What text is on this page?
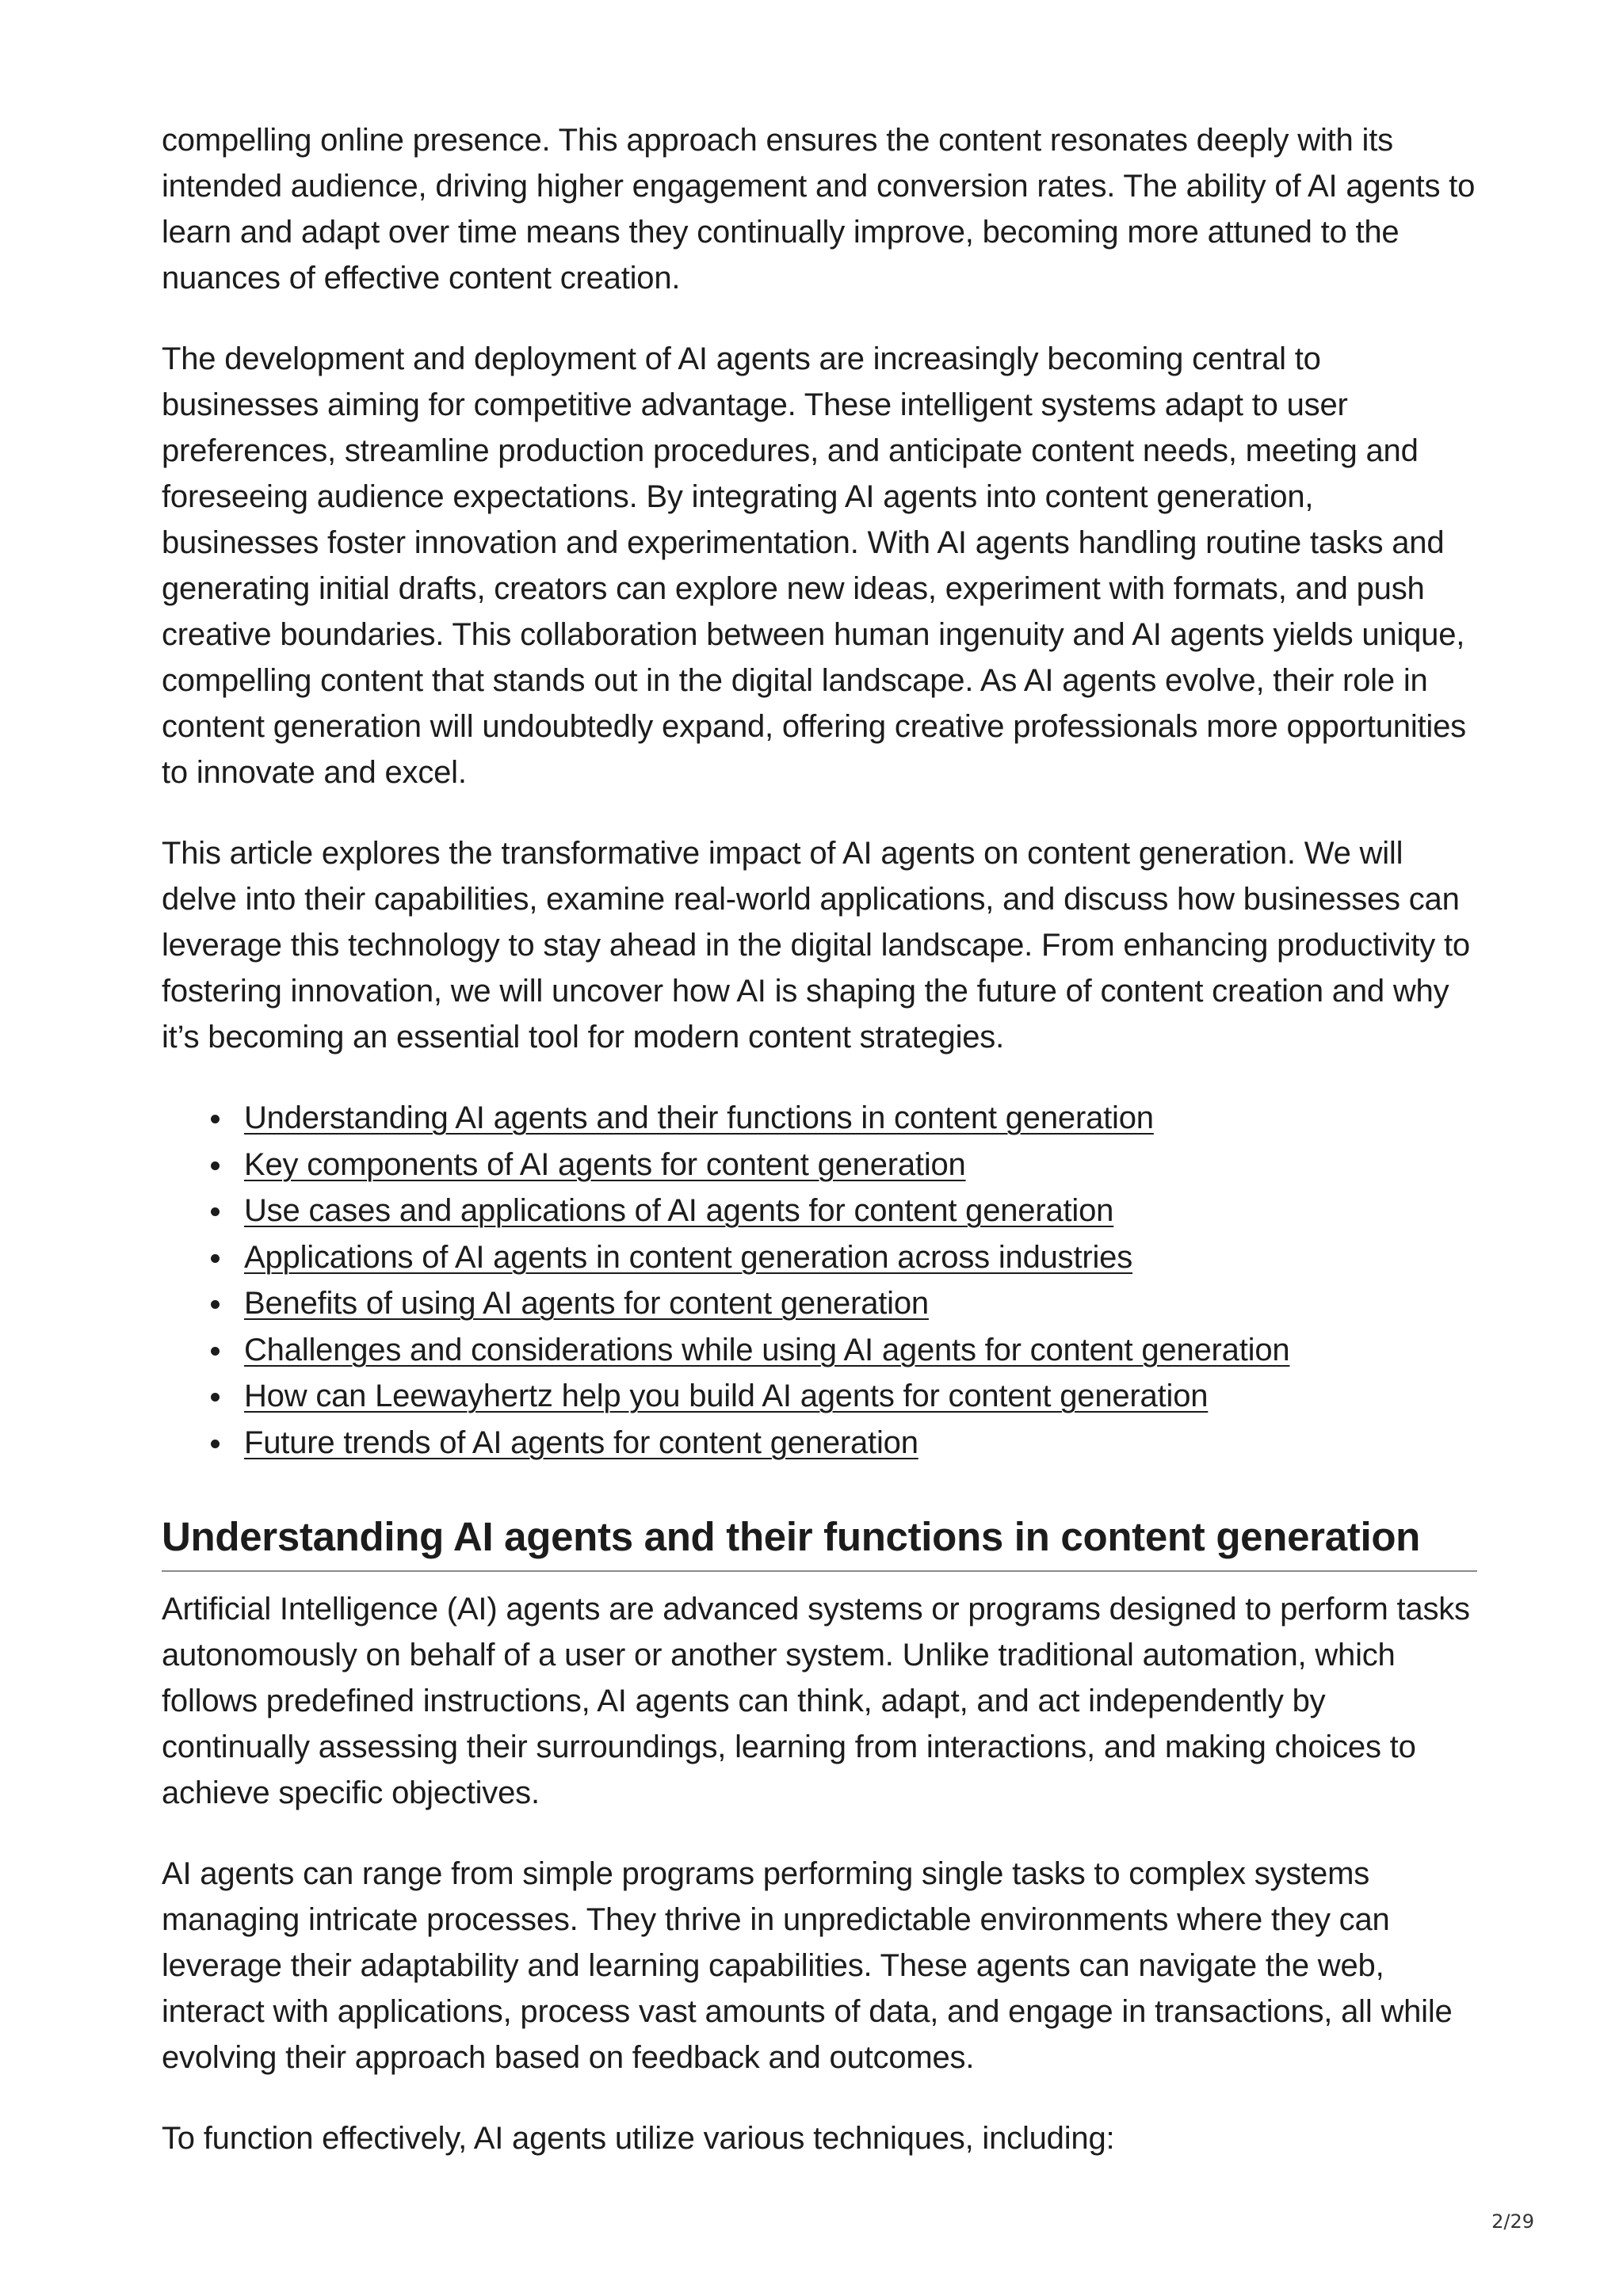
compelling online presence. This approach ensures the content resonates deeply with its intended audience, driving higher engagement and conversion rates. The ability of AI agents to learn and adapt over time means they continually improve, becoming more attuned to the nuances of effective content creation.

The development and deployment of AI agents are increasingly becoming central to businesses aiming for competitive advantage. These intelligent systems adapt to user preferences, streamline production procedures, and anticipate content needs, meeting and foreseeing audience expectations. By integrating AI agents into content generation, businesses foster innovation and experimentation. With AI agents handling routine tasks and generating initial drafts, creators can explore new ideas, experiment with formats, and push creative boundaries. This collaboration between human ingenuity and AI agents yields unique, compelling content that stands out in the digital landscape. As AI agents evolve, their role in content generation will undoubtedly expand, offering creative professionals more opportunities to innovate and excel.

This article explores the transformative impact of AI agents on content generation. We will delve into their capabilities, examine real-world applications, and discuss how businesses can leverage this technology to stay ahead in the digital landscape. From enhancing productivity to fostering innovation, we will uncover how AI is shaping the future of content creation and why it’s becoming an essential tool for modern content strategies.

Understanding AI agents and their functions in content generation
Key components of AI agents for content generation
Use cases and applications of AI agents for content generation
Applications of AI agents in content generation across industries
Benefits of using AI agents for content generation
Challenges and considerations while using AI agents for content generation
How can Leewayhertz help you build AI agents for content generation
Future trends of AI agents for content generation
Understanding AI agents and their functions in content generation

Artificial Intelligence (AI) agents are advanced systems or programs designed to perform tasks autonomously on behalf of a user or another system. Unlike traditional automation, which follows predefined instructions, AI agents can think, adapt, and act independently by continually assessing their surroundings, learning from interactions, and making choices to achieve specific objectives.

AI agents can range from simple programs performing single tasks to complex systems managing intricate processes. They thrive in unpredictable environments where they can leverage their adaptability and learning capabilities. These agents can navigate the web, interact with applications, process vast amounts of data, and engage in transactions, all while evolving their approach based on feedback and outcomes.

To function effectively, AI agents utilize various techniques, including:

2/29
